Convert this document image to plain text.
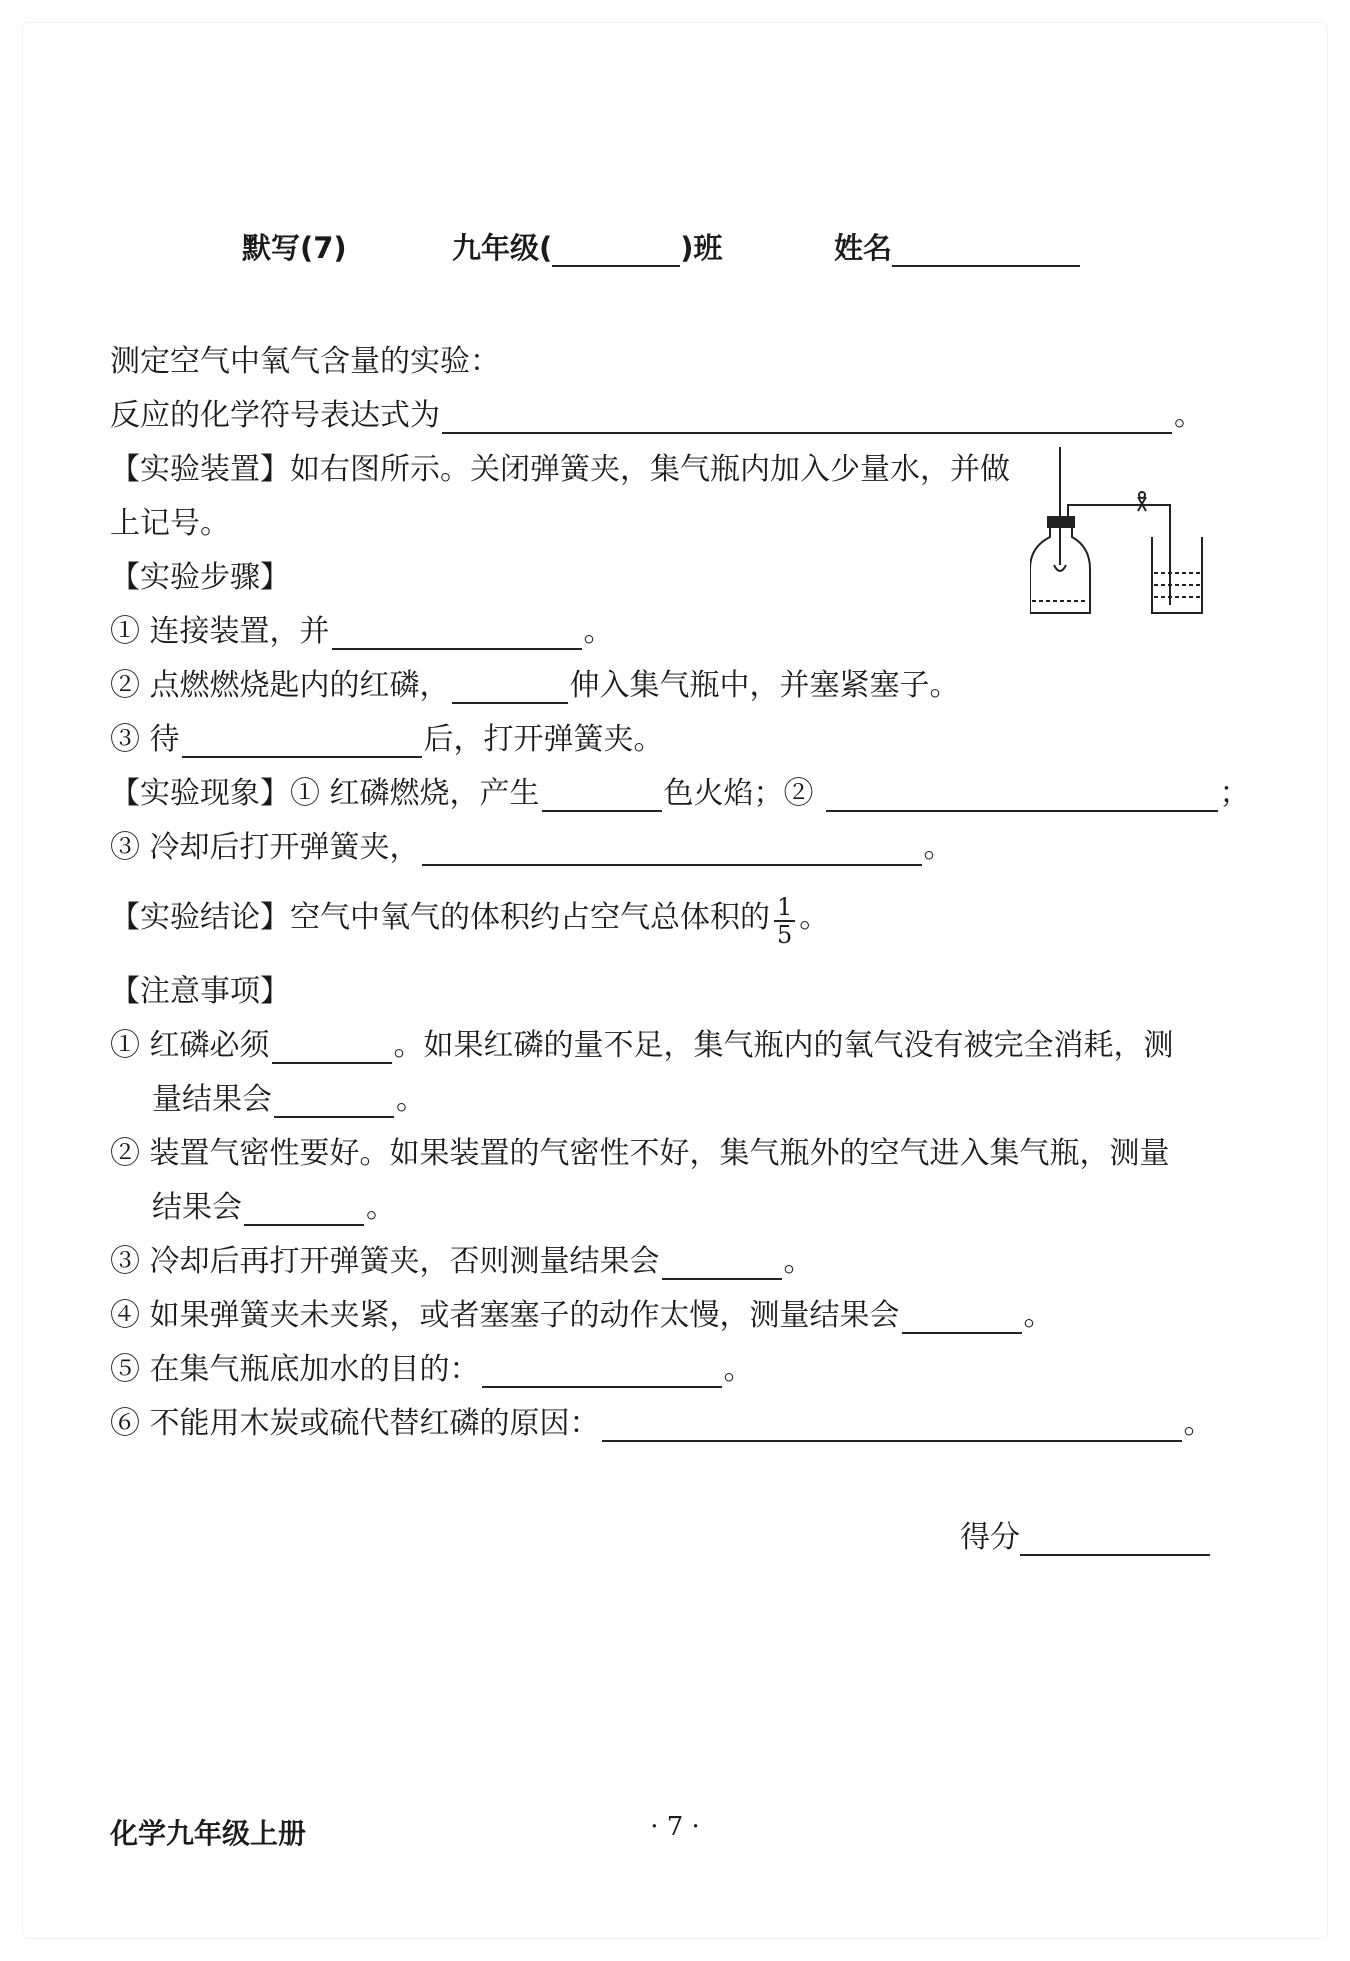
默写(7)	九年级(	)班	姓名
测定空气中氧气含量的实验：
反应的化学符号表达式为	。
【实验装置】如右图所示。关闭弹簧夹，集气瓶内加入少量水，并做
上记号。
【实验步骤】
① 连接装置，并	。
② 点燃燃烧匙内的红磷，	伸入集气瓶中，并塞紧塞子。
③ 待	后，打开弹簧夹。
【实验现象】① 红磷燃烧，产生	色火焰；②	；
③ 冷却后打开弹簧夹，	。
【实验结论】空气中氧气的体积约占空气总体积的 $\frac{1}{5}$ 。
【注意事项】
① 红磷必须	。如果红磷的量不足，集气瓶内的氧气没有被完全消耗，测
量结果会	。
② 装置气密性要好。如果装置的气密性不好，集气瓶外的空气进入集气瓶，测量
结果会	。
③ 冷却后再打开弹簧夹，否则测量结果会	。
④ 如果弹簧夹未夹紧，或者塞塞子的动作太慢，测量结果会	。
⑤ 在集气瓶底加水的目的：	。
⑥ 不能用木炭或硫代替红磷的原因：	。
得分
化学九年级上册	· 7 ·
